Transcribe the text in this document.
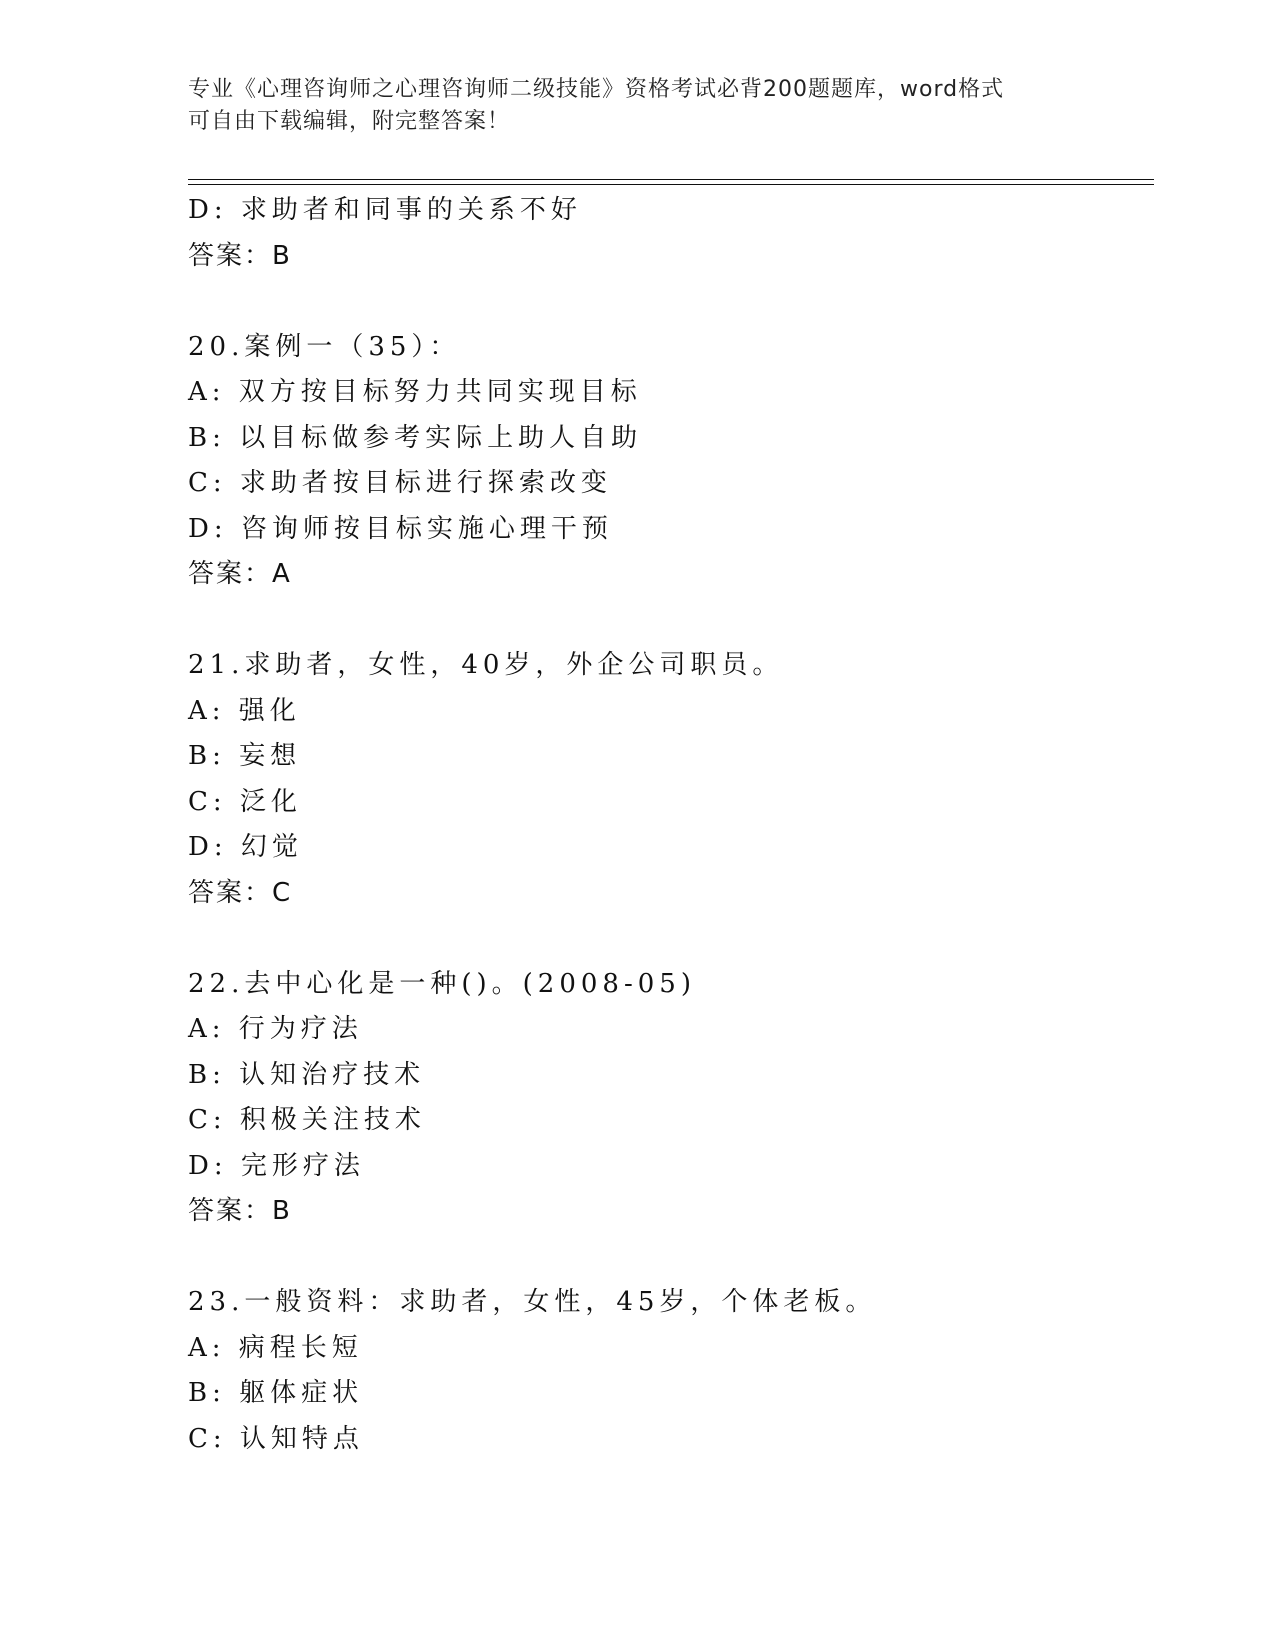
专业《心理咨询师之心理咨询师二级技能》资格考试必背200题题库，word格式
可自由下载编辑，附完整答案！
D: 求助者和同事的关系不好
答案：B
20.案例一（35）：
A: 双方按目标努力共同实现目标
B: 以目标做参考实际上助人自助
C: 求助者按目标进行探索改变
D: 咨询师按目标实施心理干预
答案：A
21.求助者，女性，40岁，外企公司职员。
A: 强化
B: 妄想
C: 泛化
D: 幻觉
答案：C
22.去中心化是一种()。(2008-05)
A: 行为疗法
B: 认知治疗技术
C: 积极关注技术
D: 完形疗法
答案：B
23.一般资料：求助者，女性，45岁，个体老板。
A: 病程长短
B: 躯体症状
C: 认知特点
